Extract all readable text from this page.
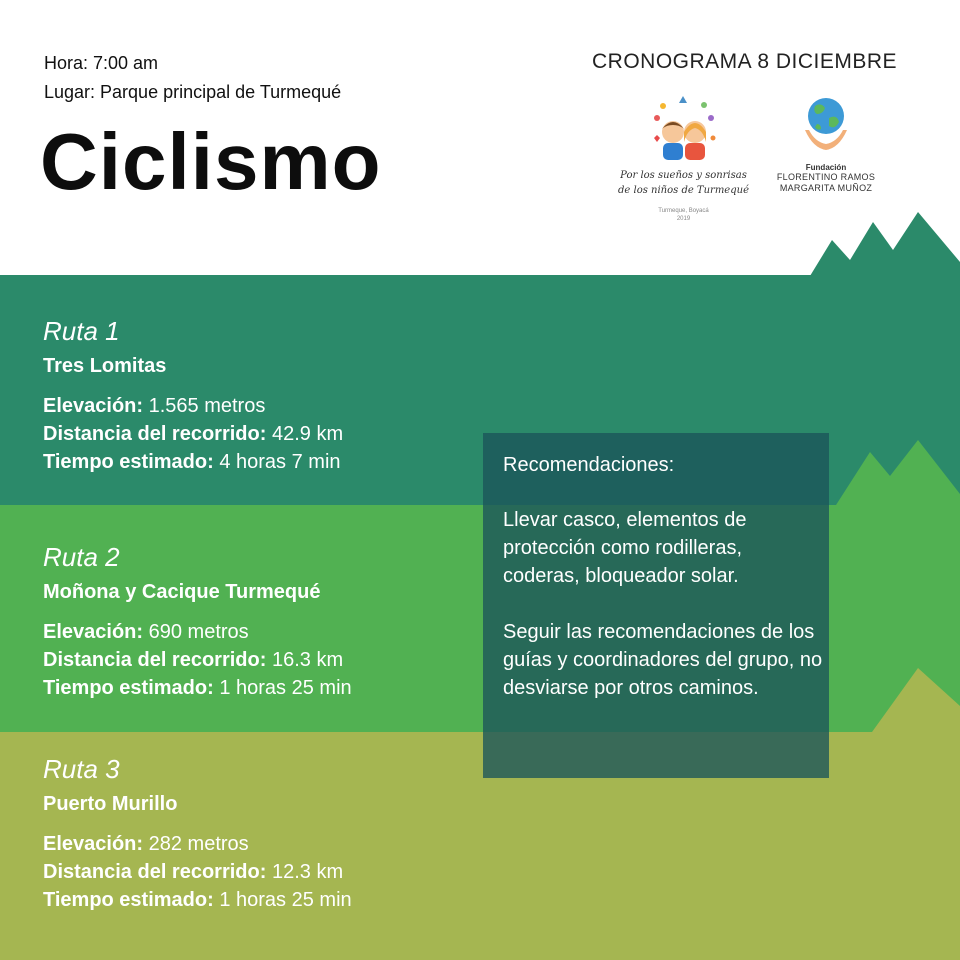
Hora: 7:00 am
Lugar: Parque principal de Turmequé
Ciclismo
CRONOGRAMA 8 DICIEMBRE
Por los sueños y sonrisas
de los niños de Turmequé
Turmeque, Boyacá
2019
Fundación
FLORENTINO RAMOS
MARGARITA MUÑOZ
Ruta 1
Tres Lomitas
Elevación: 1.565 metros
Distancia del recorrido: 42.9 km
Tiempo estimado: 4 horas 7 min
Ruta 2
Moñona y Cacique Turmequé
Elevación: 690 metros
Distancia del recorrido: 16.3 km
Tiempo estimado: 1 horas 25 min
Ruta 3
Puerto Murillo
Elevación: 282 metros
Distancia del recorrido: 12.3 km
Tiempo estimado: 1 horas 25 min
Recomendaciones:
Llevar casco, elementos de protección como rodilleras, coderas, bloqueador solar.
Seguir las recomendaciones de los guías y coordinadores del grupo, no desviarse por otros caminos.
